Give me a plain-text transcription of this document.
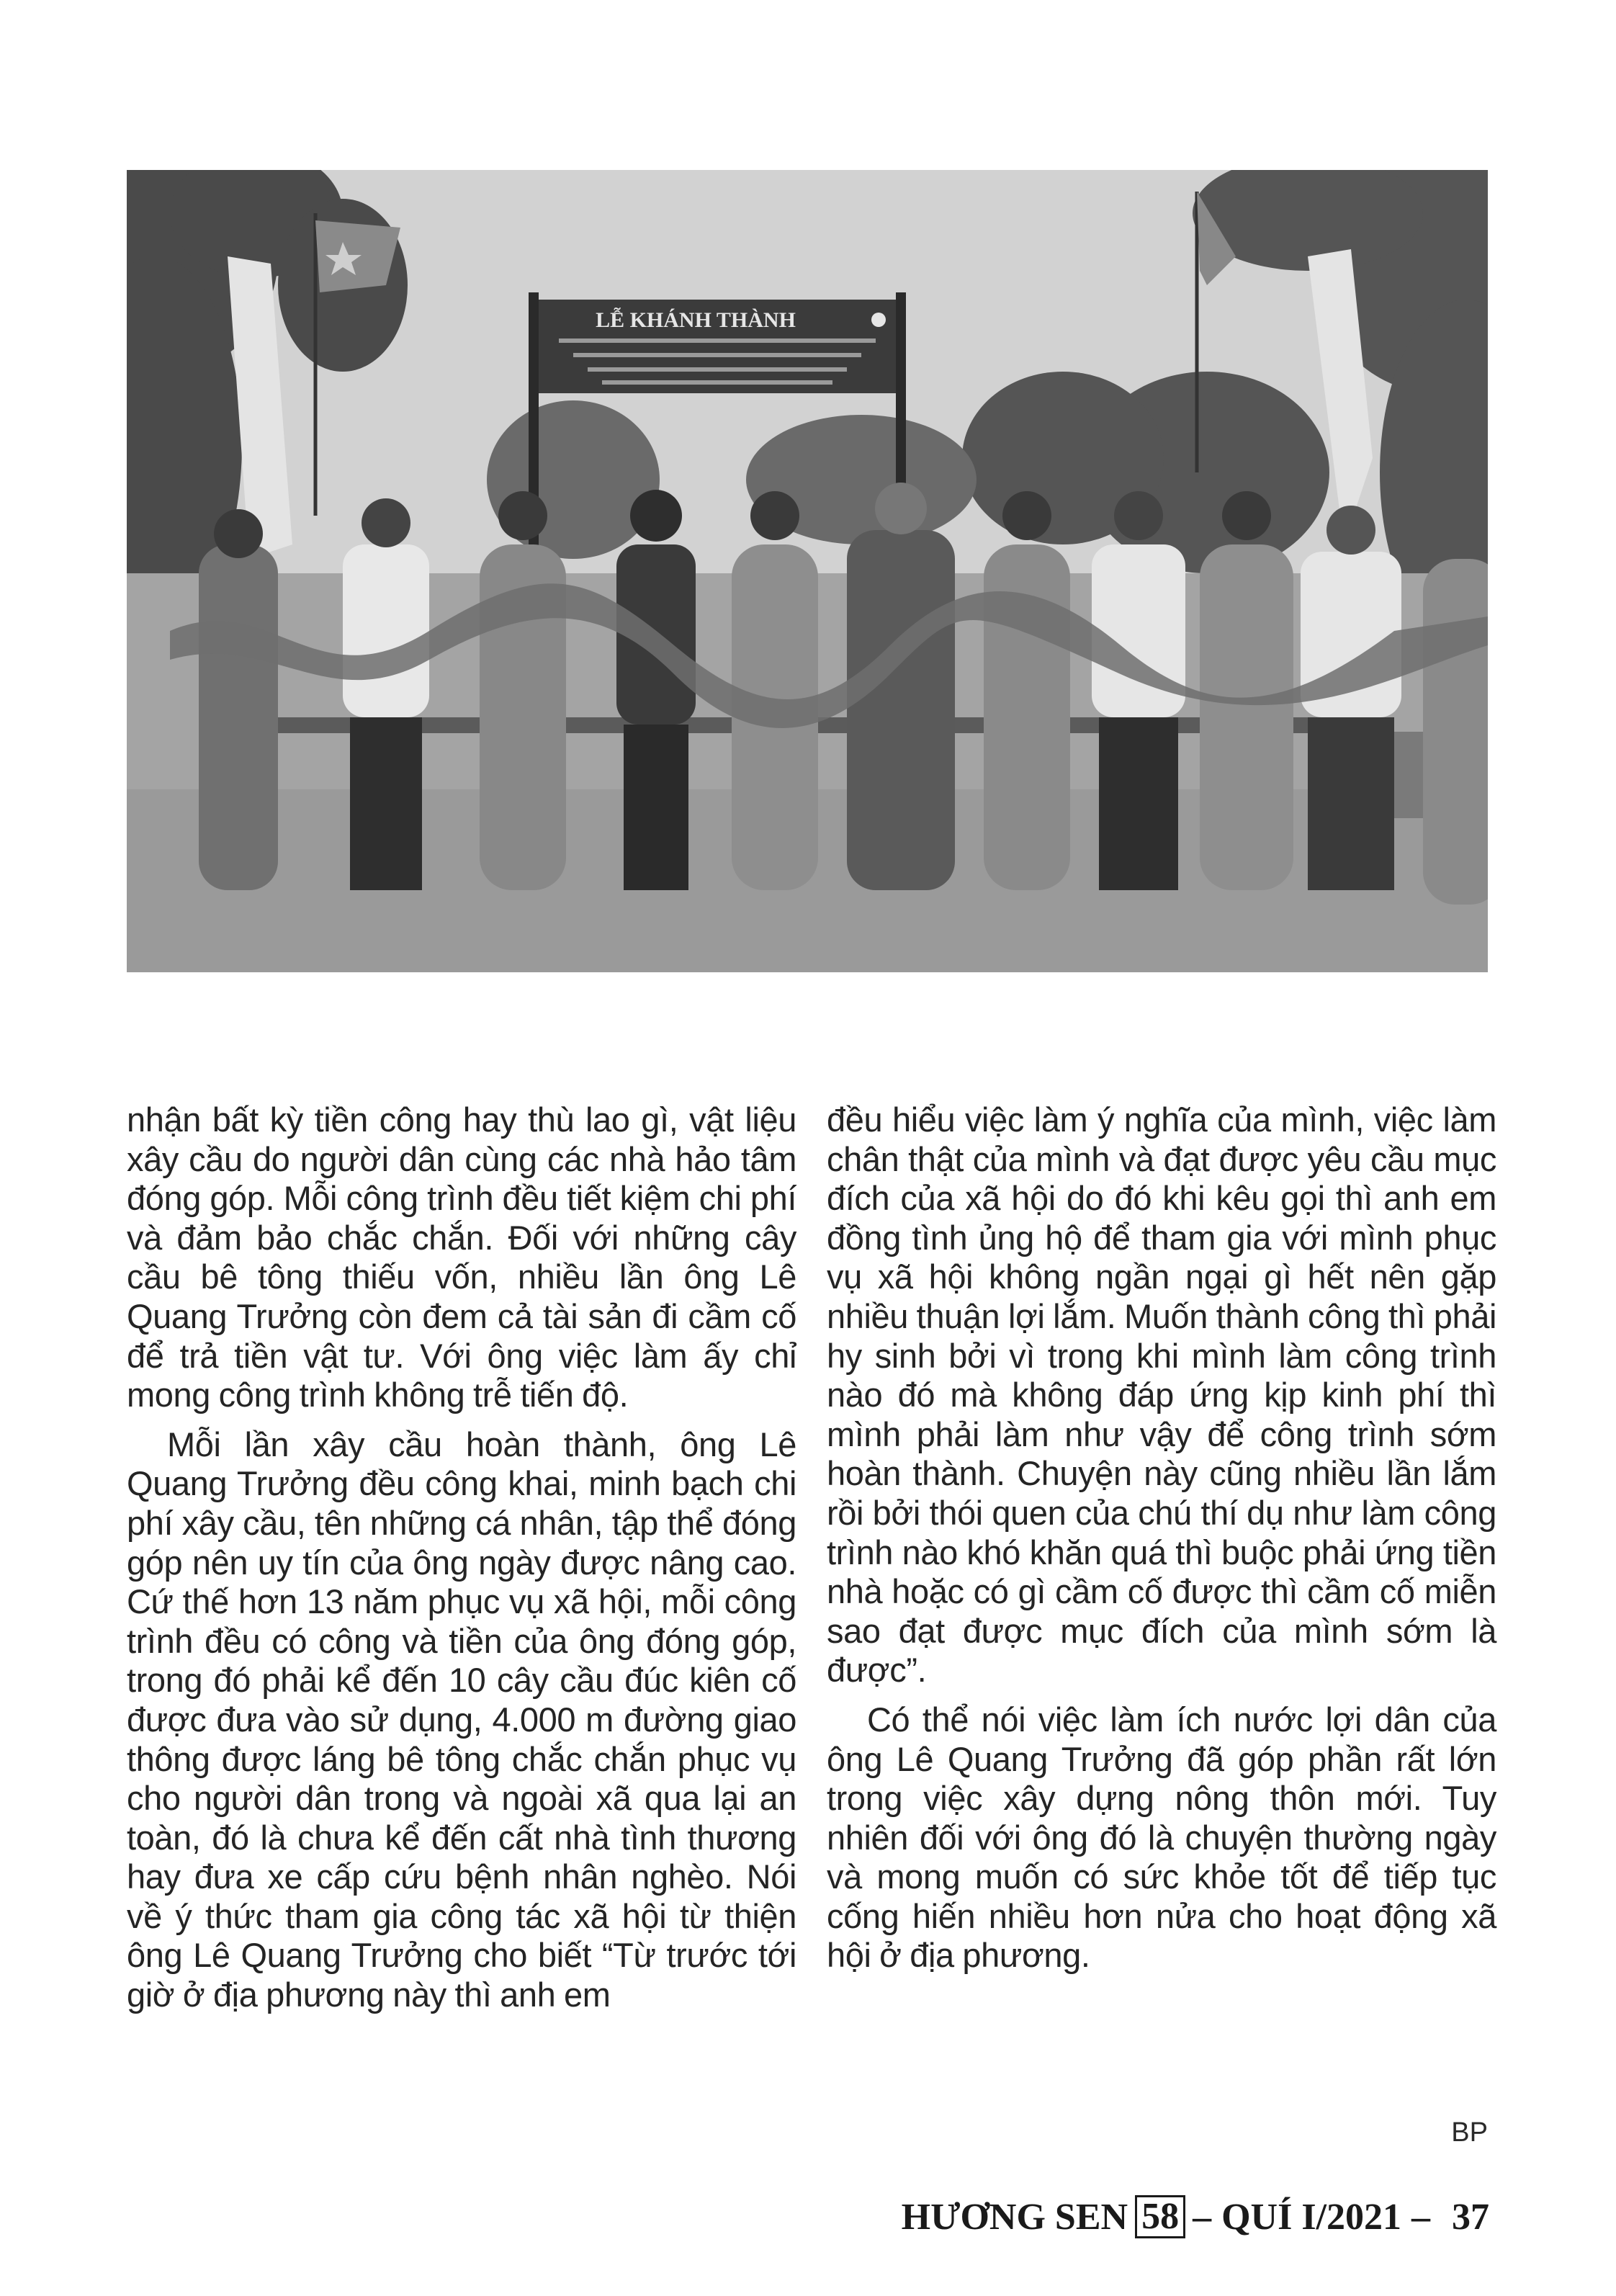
LỄ KHÁNH THÀNH

nhận bất kỳ tiền công hay thù lao gì, vật liệu xây cầu do người dân cùng các nhà hảo tâm đóng góp. Mỗi công trình đều tiết kiệm chi phí và đảm bảo chắc chắn. Đối với những cây cầu bê tông thiếu vốn, nhiều lần ông Lê Quang Trưởng còn đem cả tài sản đi cầm cố để trả tiền vật tư. Với ông việc làm ấy chỉ mong công trình không trễ tiến độ.

Mỗi lần xây cầu hoàn thành, ông Lê Quang Trưởng đều công khai, minh bạch chi phí xây cầu, tên những cá nhân, tập thể đóng góp nên uy tín của ông ngày được nâng cao. Cứ thế hơn 13 năm phục vụ xã hội, mỗi công trình đều có công và tiền của ông đóng góp, trong đó phải kể đến 10 cây cầu đúc kiên cố được đưa vào sử dụng, 4.000 m đường giao thông được láng bê tông chắc chắn phục vụ cho người dân trong và ngoài xã qua lại an toàn, đó là chưa kể đến cất nhà tình thương hay đưa xe cấp cứu bệnh nhân nghèo. Nói về ý thức tham gia công tác xã hội từ thiện ông Lê Quang Trưởng cho biết “Từ trước tới giờ ở địa phương này thì anh em

đều hiểu việc làm ý nghĩa của mình, việc làm chân thật của mình và đạt được yêu cầu mục đích của xã hội do đó khi kêu gọi thì anh em đồng tình ủng hộ để tham gia với mình phục vụ xã hội không ngần ngại gì hết nên gặp nhiều thuận lợi lắm. Muốn thành công thì phải hy sinh bởi vì trong khi mình làm công trình nào đó mà không đáp ứng kịp kinh phí thì mình phải làm như vậy để công trình sớm hoàn thành. Chuyện này cũng nhiều lần lắm rồi bởi thói quen của chú thí dụ như làm công trình nào khó khăn quá thì buộc phải ứng tiền nhà hoặc có gì cầm cố được thì cầm cố miễn sao đạt được mục đích của mình sớm là được”.

Có thể nói việc làm ích nước lợi dân của ông Lê Quang Trưởng đã góp phần rất lớn trong việc xây dựng nông thôn mới. Tuy nhiên đối với ông đó là chuyện thường ngày và mong muốn có sức khỏe tốt để tiếp tục cống hiến nhiều hơn nửa cho hoạt động xã hội ở địa phương.

BP
HƯƠNG SEN 58 – QUÍ I/2021 – 37
